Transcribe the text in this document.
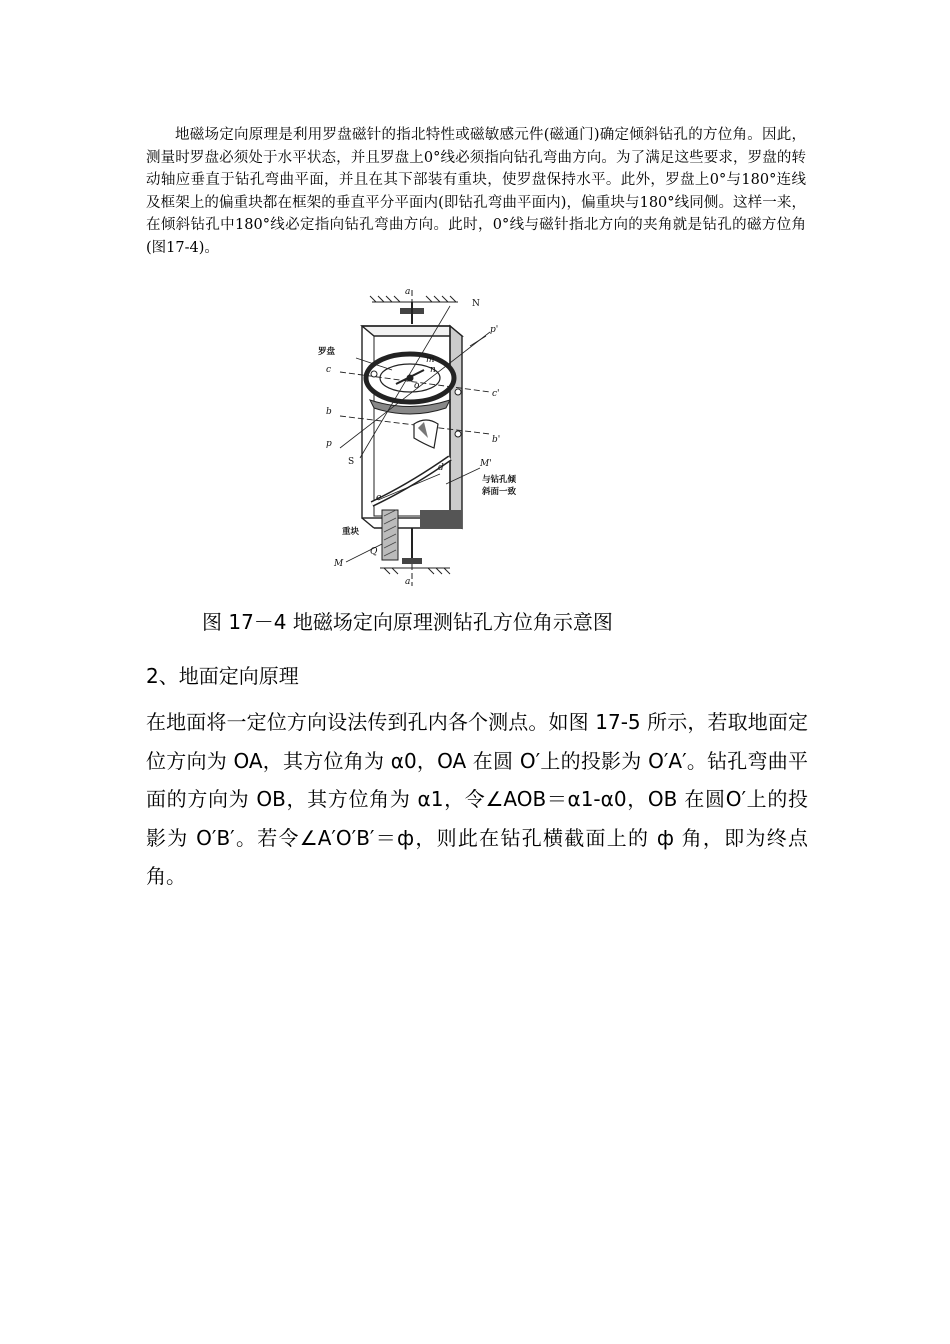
地磁场定向原理是利用罗盘磁针的指北特性或磁敏感元件(磁通门)确定倾斜钻孔的方位角。因此，测量时罗盘必须处于水平状态，并且罗盘上0°线必须指向钻孔弯曲方向。为了满足这些要求，罗盘的转动轴应垂直于钻孔弯曲平面，并且在其下部装有重块，使罗盘保持水平。此外，罗盘上0°与180°连线及框架上的偏重块都在框架的垂直平分平面内(即钻孔弯曲平面内)，偏重块与180°线同侧。这样一来，在倾斜钻孔中180°线必定指向钻孔弯曲方向。此时，0°线与磁针指北方向的夹角就是钻孔的磁方位角(图17-4)。

a
N
p'
罗盘
c
m
n
o
c'
b
b'
p
S	M'
d
与钻孔倾
斜面一致
e
重块
Q
M
a

图 17－4 地磁场定向原理测钻孔方位角示意图

2、地面定向原理

在地面将一定位方向设法传到孔内各个测点。如图 17-5 所示，若取地面定位方向为 OA，其方位角为 α0，OA 在圆 O′上的投影为 O′A′。钻孔弯曲平面的方向为 OB，其方位角为 α1，令∠AOB＝α1-α0，OB 在圆O′上的投影为 O′B′。若令∠A′O′B′＝ф，则此在钻孔横截面上的 ф 角，即为终点角。
